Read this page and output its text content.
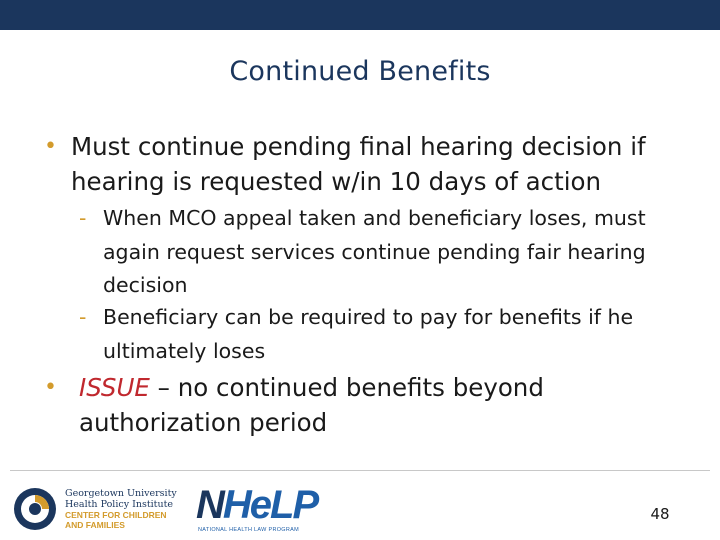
Continued Benefits
• Must continue pending final hearing decision if hearing is requested w/in 10 days of action
- When MCO appeal taken and beneficiary loses, must again request services continue pending fair hearing decision
- Beneficiary can be required to pay for benefits if he ultimately loses
• ISSUE – no continued benefits beyond authorization period
Georgetown University
Health Policy Institute
CENTER FOR CHILDREN
AND FAMILIES	NHeLP
NATIONAL HEALTH LAW PROGRAM
48
